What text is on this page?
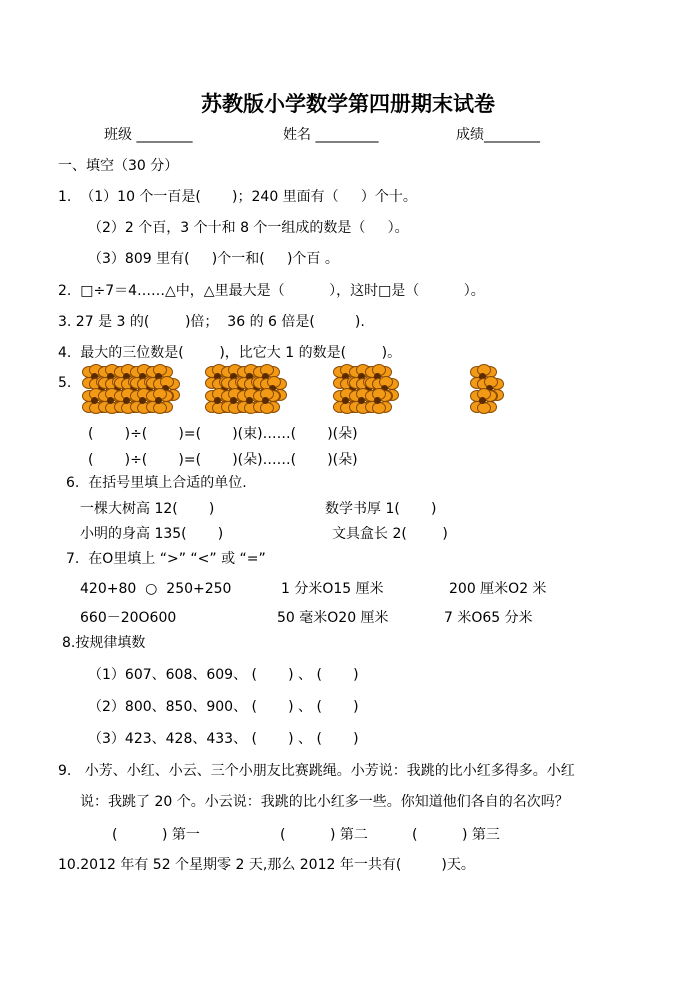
苏教版小学数学第四册期末试卷
班级 ________	姓名 _________	成绩________
一、填空（30 分）
1.  （1）10 个一百是(       )；240 里面有（     ）个十。
（2）2 个百，3 个十和 8 个一组成的数是（     ）。
（3）809 里有(     )个一和(     )个百 。
2.  □÷7＝4……△中，△里最大是（          ），这时□是（          ）。
3. 27 是 3 的(        )倍；  36 的 6 倍是(         ).
4.  最大的三位数是(        )，比它大 1 的数是(        )。
5.
(       )÷(       )=(       )(束)……(       )(朵)
(       )÷(       )=(       )(朵)……(       )(朵)
6.  在括号里填上合适的单位.
一棵大树高 12(       )	数学书厚 1(       )
小明的身高 135(       )	文具盒长 2(        )
7.  在O里填上 “>” “<” 或 “=”
420+80  ○  250+250	1 分米O15 厘米	200 厘米O2 米
660－20O600	50 毫米O20 厘米	7 米O65 分米
8.按规律填数
（1）607、608、609、 (       ) 、 (       )
（2）800、850、900、 (       ) 、 (       )
（3）423、428、433、 (       ) 、 (       )
9.   小芳、小红、小云、三个小朋友比赛跳绳。小芳说：我跳的比小红多得多。小红
说：我跳了 20 个。小云说：我跳的比小红多一些。你知道他们各自的名次吗？
(          ) 第一	(          ) 第二	(          ) 第三
10.2012 年有 52 个星期零 2 天,那么 2012 年一共有(         )天。
